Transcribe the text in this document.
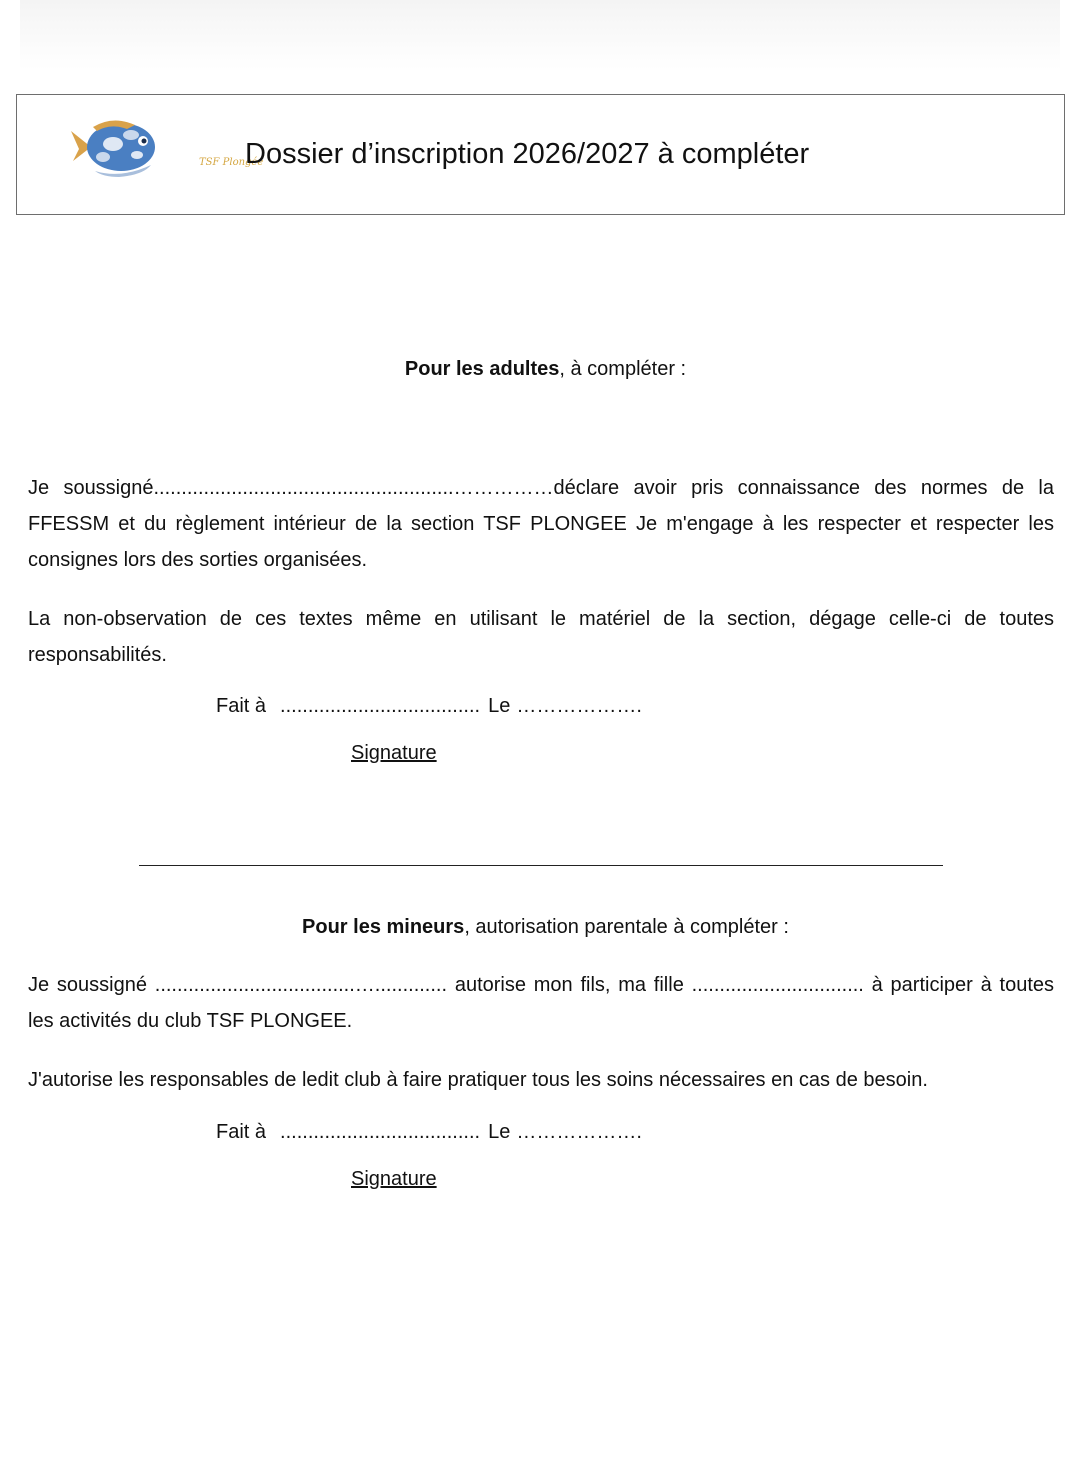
TSF Plongée
Dossier d’inscription 2026/2027 à compléter
Pour les adultes, à compléter :
Je soussigné......................................................……………déclare avoir pris connaissance des normes de la FFESSM et du règlement intérieur de la section TSF PLONGEE Je m'engage à les respecter et respecter les consignes lors des sorties organisées.
La non-observation de ces textes même en utilisant le matériel de la section, dégage celle-ci de toutes responsabilités.
Fait à .................................... Le ……………….
Signature
Pour les mineurs, autorisation parentale à compléter :
Je soussigné ....................................…............. autorise mon fils, ma fille ............................... à participer à toutes les activités du club TSF PLONGEE.
J'autorise les responsables de ledit club à faire pratiquer tous les soins nécessaires en cas de besoin.
Fait à .................................... Le ……………….
Signature
